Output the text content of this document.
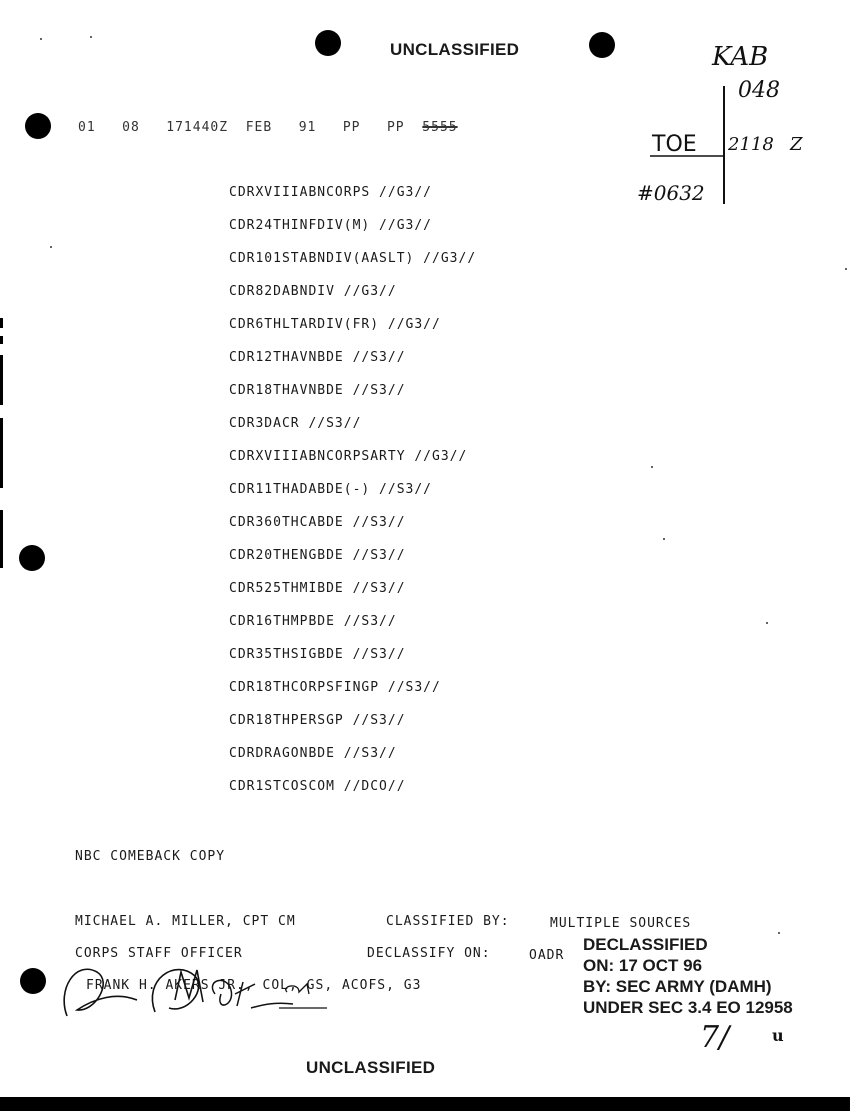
UNCLASSIFIED
01 08 171440Z FEB 91 PP PP 5555
KAB
048
TOE 2118 Z
#0632
CDRXVIIIABNCORPS //G3//
CDR24THINFDIV(M) //G3//
CDR101STABNDIV(AASLT) //G3//
CDR82DABNDIV //G3//
CDR6THLTARDIV(FR) //G3//
CDR12THAVNBDE //S3//
CDR18THAVNBDE //S3//
CDR3DACR //S3//
CDRXVIIIABNCORPSARTY //G3//
CDR11THADABDE(-) //S3//
CDR360THCABDE //S3//
CDR20THENGBDE //S3//
CDR525THMIBDE //S3//
CDR16THMPBDE //S3//
CDR35THSIGBDE //S3//
CDR18THCORPSFINGP //S3//
CDR18THPERSGP //S3//
CDRDRAGONBDE //S3//
CDR1STCOSCOM //DCO//
NBC COMEBACK COPY
MICHAEL A. MILLER, CPT CM	CLASSIFIED BY:	MULTIPLE SOURCES
CORPS STAFF OFFICER	DECLASSIFY ON:	OADR
FRANK H. AKERS JR., COL, GS, ACOFS, G3
DECLASSIFIED
ON: 17 OCT 96
BY: SEC ARMY (DAMH)
UNDER SEC 3.4 EO 12958
7/	u
UNCLASSIFIED
